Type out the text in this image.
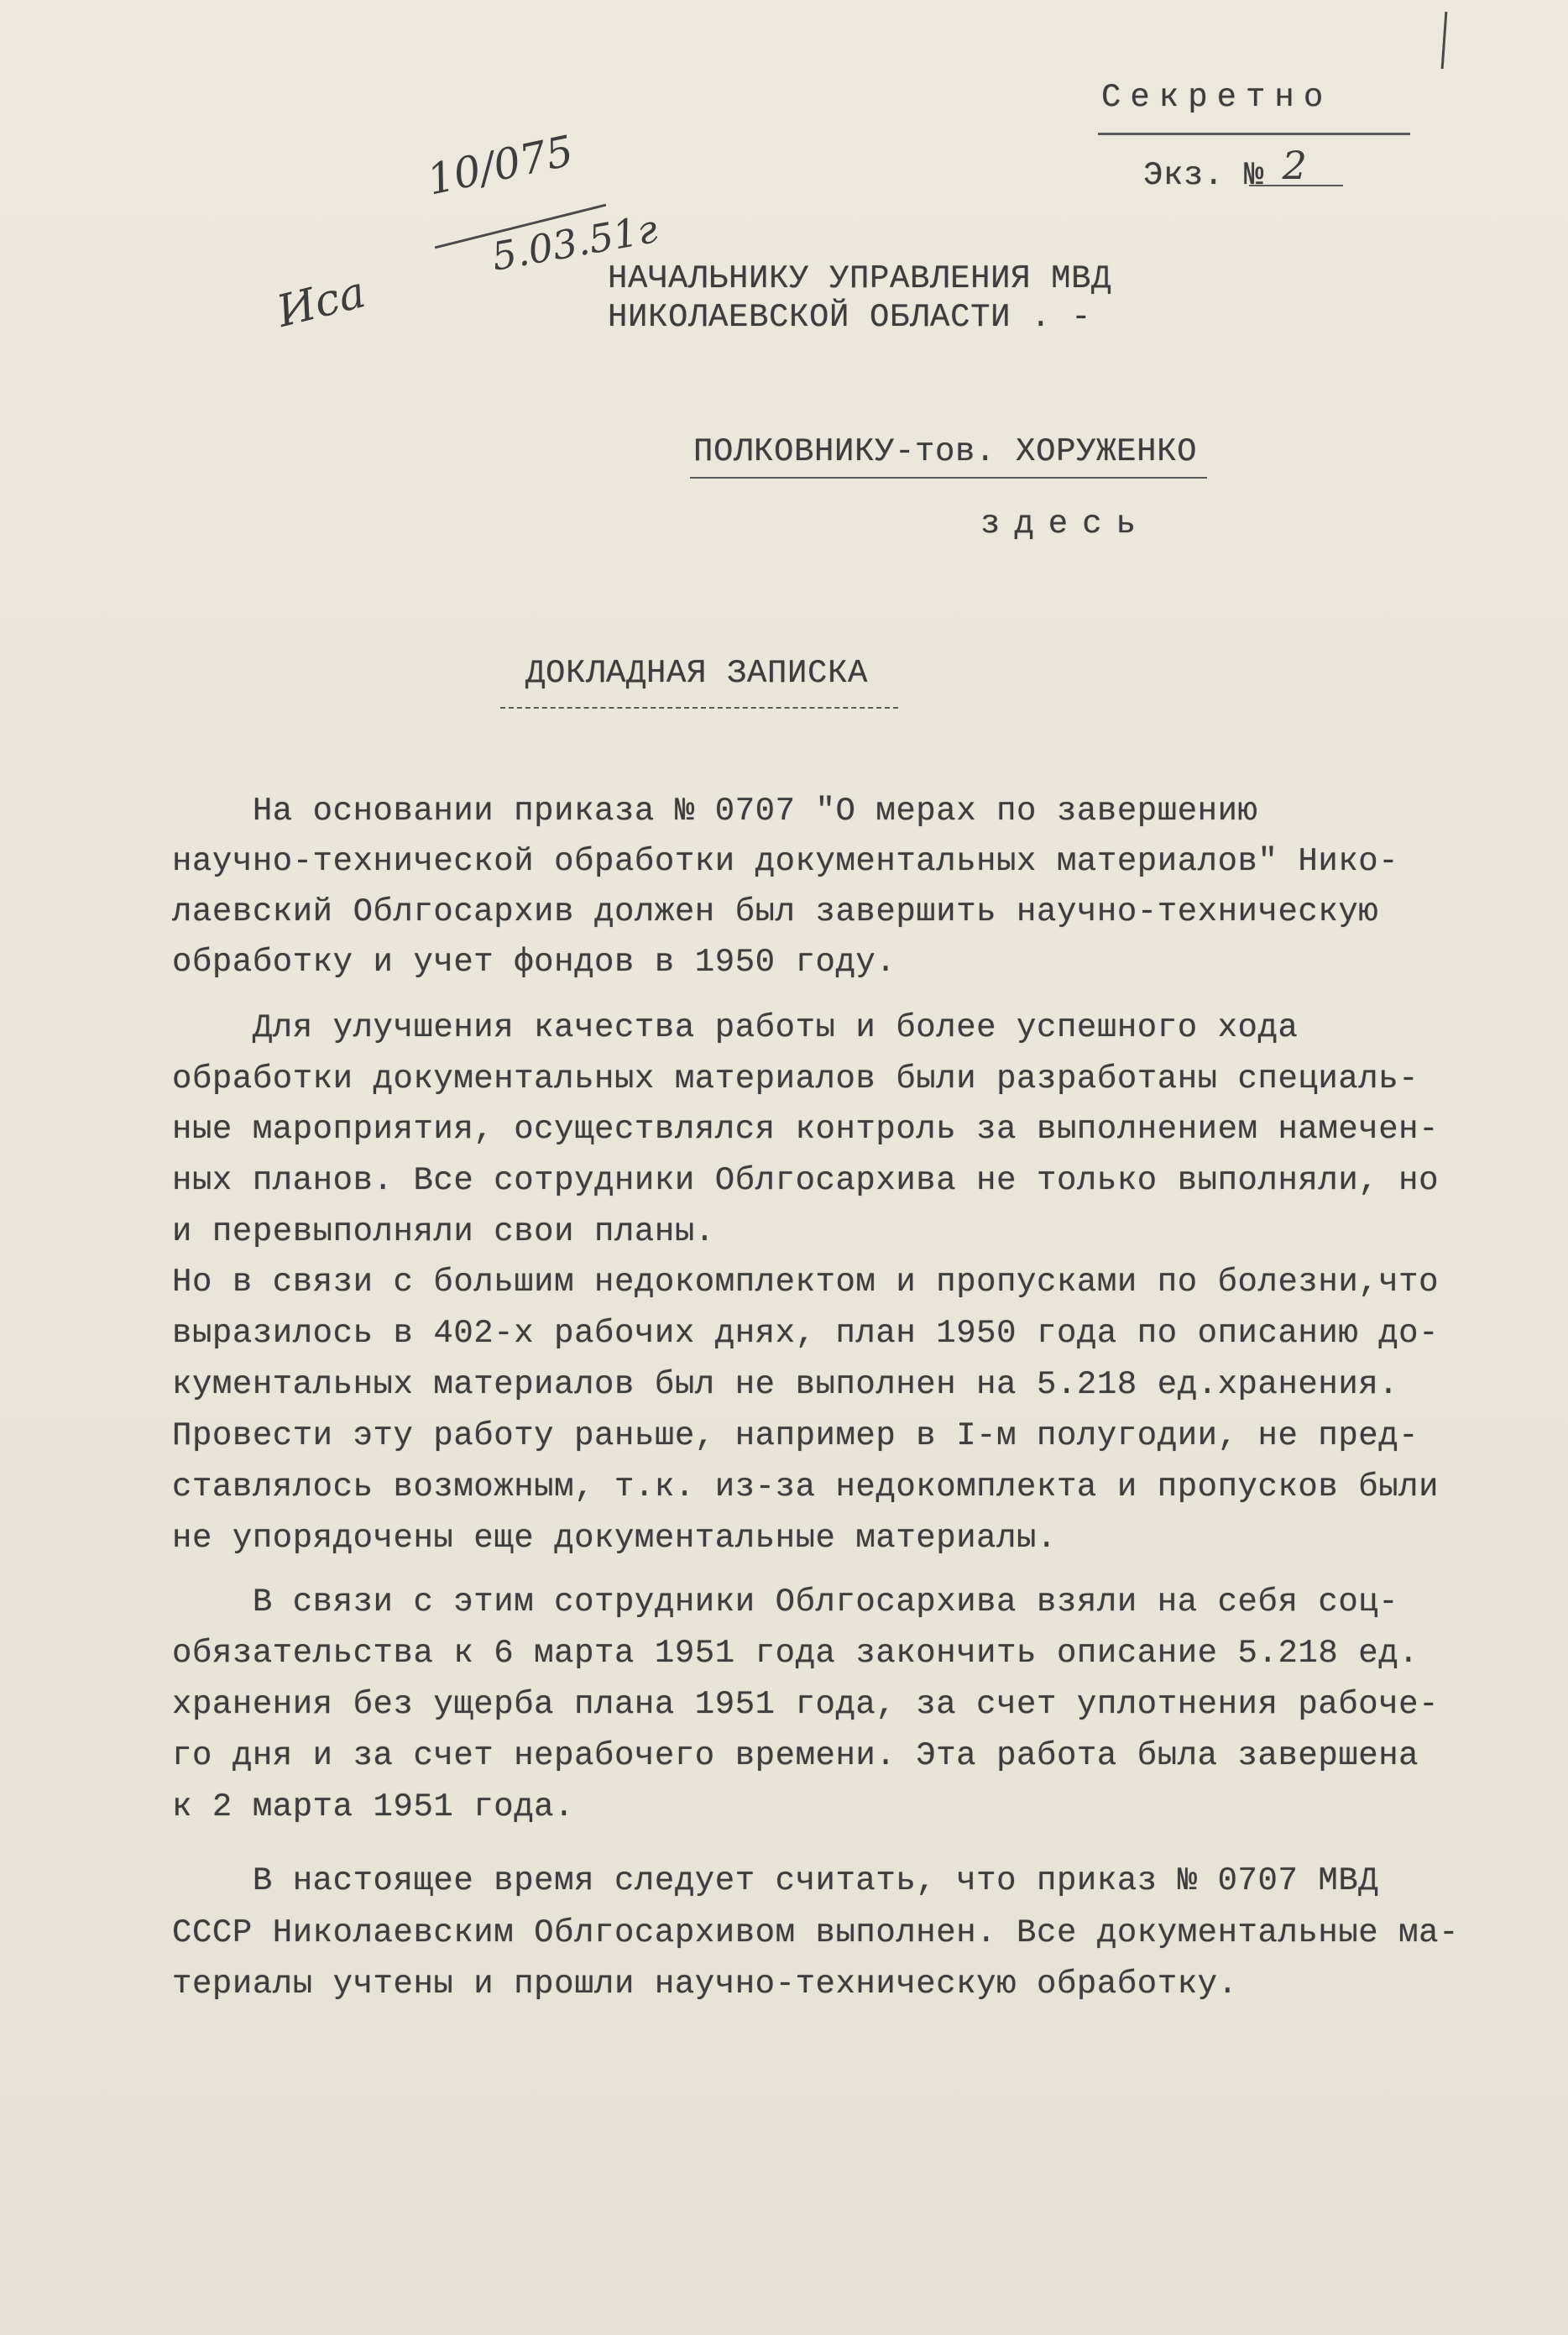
Секретно
Экз. № 2
10/075
5.03.51г
Иса	НАЧАЛЬНИКУ УПРАВЛЕНИЯ МВД
НИКОЛАЕВСКОЙ ОБЛАСТИ . -
ПОЛКОВНИКУ-тов. ХОРУЖЕНКО
здесь
ДОКЛАДНАЯ ЗАПИСКА
На основании приказа № 0707 "О мерах по завершению
научно-технической обработки документальных материалов" Нико-
лаевский Облгосархив должен был завершить научно-техническую
обработку и учет фондов в 1950 году.
Для улучшения качества работы и более успешного хода
обработки документальных материалов были разработаны специаль-
ные мароприятия, осуществлялся контроль за выполнением намечен-
ных планов. Все сотрудники Облгосархива не только выполняли, но
и перевыполняли свои планы.
Но в связи с большим недокомплектом и пропусками по болезни,что
выразилось в 402-х рабочих днях, план 1950 года по описанию до-
кументальных материалов был не выполнен на 5.218 ед.хранения.
Провести эту работу раньше, например в I-м полугодии, не пред-
ставлялось возможным, т.к. из-за недокомплекта и пропусков были
не упорядочены еще документальные материалы.
В связи с этим сотрудники Облгосархива взяли на себя соц-
обязательства к 6 марта 1951 года закончить описание 5.218 ед.
хранения без ущерба плана 1951 года, за счет уплотнения рабоче-
го дня и за счет нерабочего времени. Эта работа была завершена
к 2 марта 1951 года.
В настоящее время следует считать, что приказ № 0707 МВД
СССР Николаевским Облгосархивом выполнен. Все документальные ма-
териалы учтены и прошли научно-техническую обработку.
